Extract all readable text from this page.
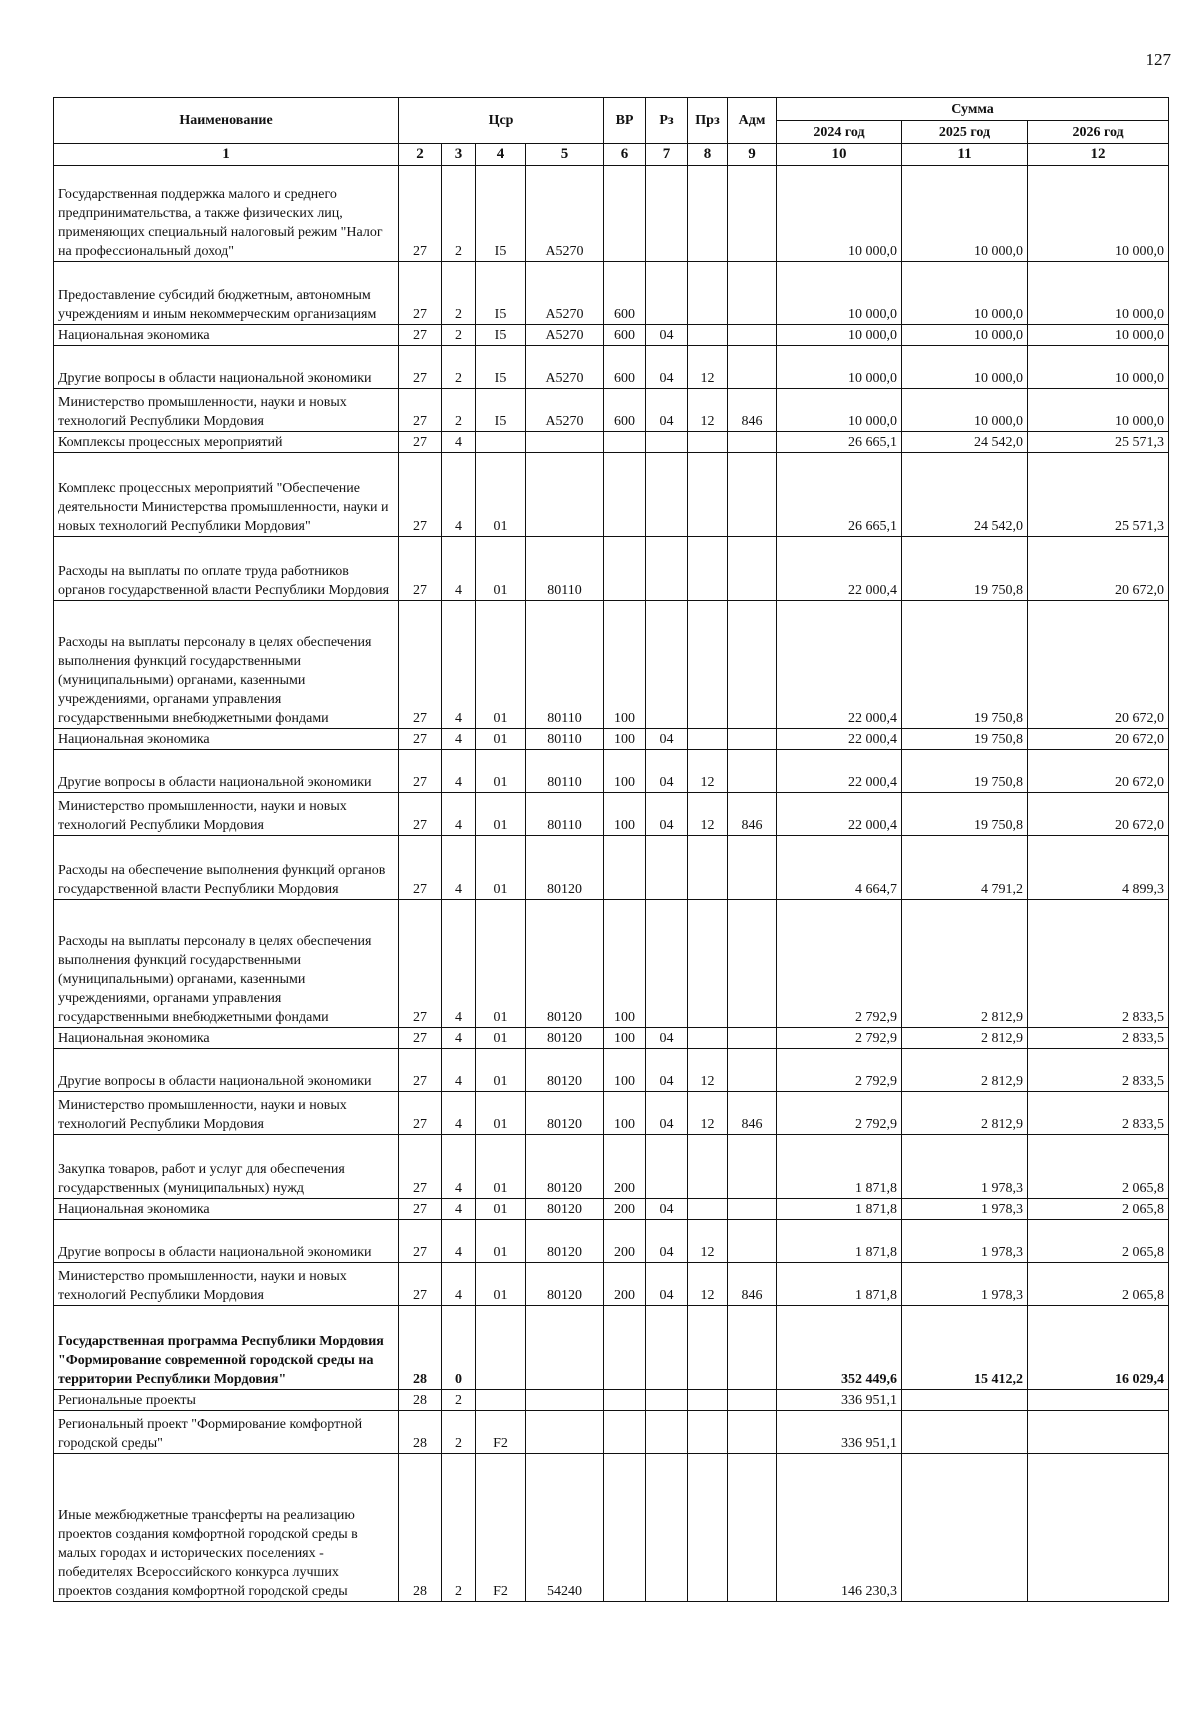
127
Наименование	Цср				ВР	Рз	Прз	Адм	Сумма		
									2024 год	2025 год	2026 год
1	2	3	4	5	6	7	8	9	10	11	12
Государственная поддержка малого и среднего предпринимательства, а также физических лиц, применяющих специальный налоговый режим "Налог на профессиональный доход"	27	2	I5	A5270					10 000,0	10 000,0	10 000,0
Предоставление субсидий бюджетным, автономным учреждениям и иным некоммерческим организациям	27	2	I5	A5270	600				10 000,0	10 000,0	10 000,0
Национальная экономика	27	2	I5	A5270	600	04			10 000,0	10 000,0	10 000,0
Другие вопросы в области национальной экономики	27	2	I5	A5270	600	04	12		10 000,0	10 000,0	10 000,0
Министерство промышленности, науки и новых технологий Республики Мордовия	27	2	I5	A5270	600	04	12	846	10 000,0	10 000,0	10 000,0
Комплексы процессных мероприятий	27	4							26 665,1	24 542,0	25 571,3
Комплекс процессных мероприятий "Обеспечение деятельности Министерства промышленности, науки и новых технологий Республики Мордовия"	27	4	01						26 665,1	24 542,0	25 571,3
Расходы на выплаты по оплате труда работников органов государственной власти Республики Мордовия	27	4	01	80110					22 000,4	19 750,8	20 672,0
Расходы на выплаты персоналу в целях обеспечения выполнения функций государственными (муниципальными) органами, казенными учреждениями, органами управления государственными внебюджетными фондами	27	4	01	80110	100				22 000,4	19 750,8	20 672,0
Национальная экономика	27	4	01	80110	100	04			22 000,4	19 750,8	20 672,0
Другие вопросы в области национальной экономики	27	4	01	80110	100	04	12		22 000,4	19 750,8	20 672,0
Министерство промышленности, науки и новых технологий Республики Мордовия	27	4	01	80110	100	04	12	846	22 000,4	19 750,8	20 672,0
Расходы на обеспечение выполнения функций органов государственной власти Республики Мордовия	27	4	01	80120					4 664,7	4 791,2	4 899,3
Расходы на выплаты персоналу в целях обеспечения выполнения функций государственными (муниципальными) органами, казенными учреждениями, органами управления государственными внебюджетными фондами	27	4	01	80120	100				2 792,9	2 812,9	2 833,5
Национальная экономика	27	4	01	80120	100	04			2 792,9	2 812,9	2 833,5
Другие вопросы в области национальной экономики	27	4	01	80120	100	04	12		2 792,9	2 812,9	2 833,5
Министерство промышленности, науки и новых технологий Республики Мордовия	27	4	01	80120	100	04	12	846	2 792,9	2 812,9	2 833,5
Закупка товаров, работ и услуг для обеспечения государственных (муниципальных) нужд	27	4	01	80120	200				1 871,8	1 978,3	2 065,8
Национальная экономика	27	4	01	80120	200	04			1 871,8	1 978,3	2 065,8
Другие вопросы в области национальной экономики	27	4	01	80120	200	04	12		1 871,8	1 978,3	2 065,8
Министерство промышленности, науки и новых технологий Республики Мордовия	27	4	01	80120	200	04	12	846	1 871,8	1 978,3	2 065,8
Государственная программа Республики Мордовия "Формирование современной городской среды на территории Республики Мордовия"	28	0							352 449,6	15 412,2	16 029,4
Региональные проекты	28	2							336 951,1		
Региональный проект "Формирование комфортной городской среды"	28	2	F2						336 951,1		
Иные межбюджетные трансферты на реализацию проектов создания комфортной городской среды в малых городах и исторических поселениях - победителях Всероссийского конкурса лучших проектов создания комфортной городской среды	28	2	F2	54240					146 230,3		
